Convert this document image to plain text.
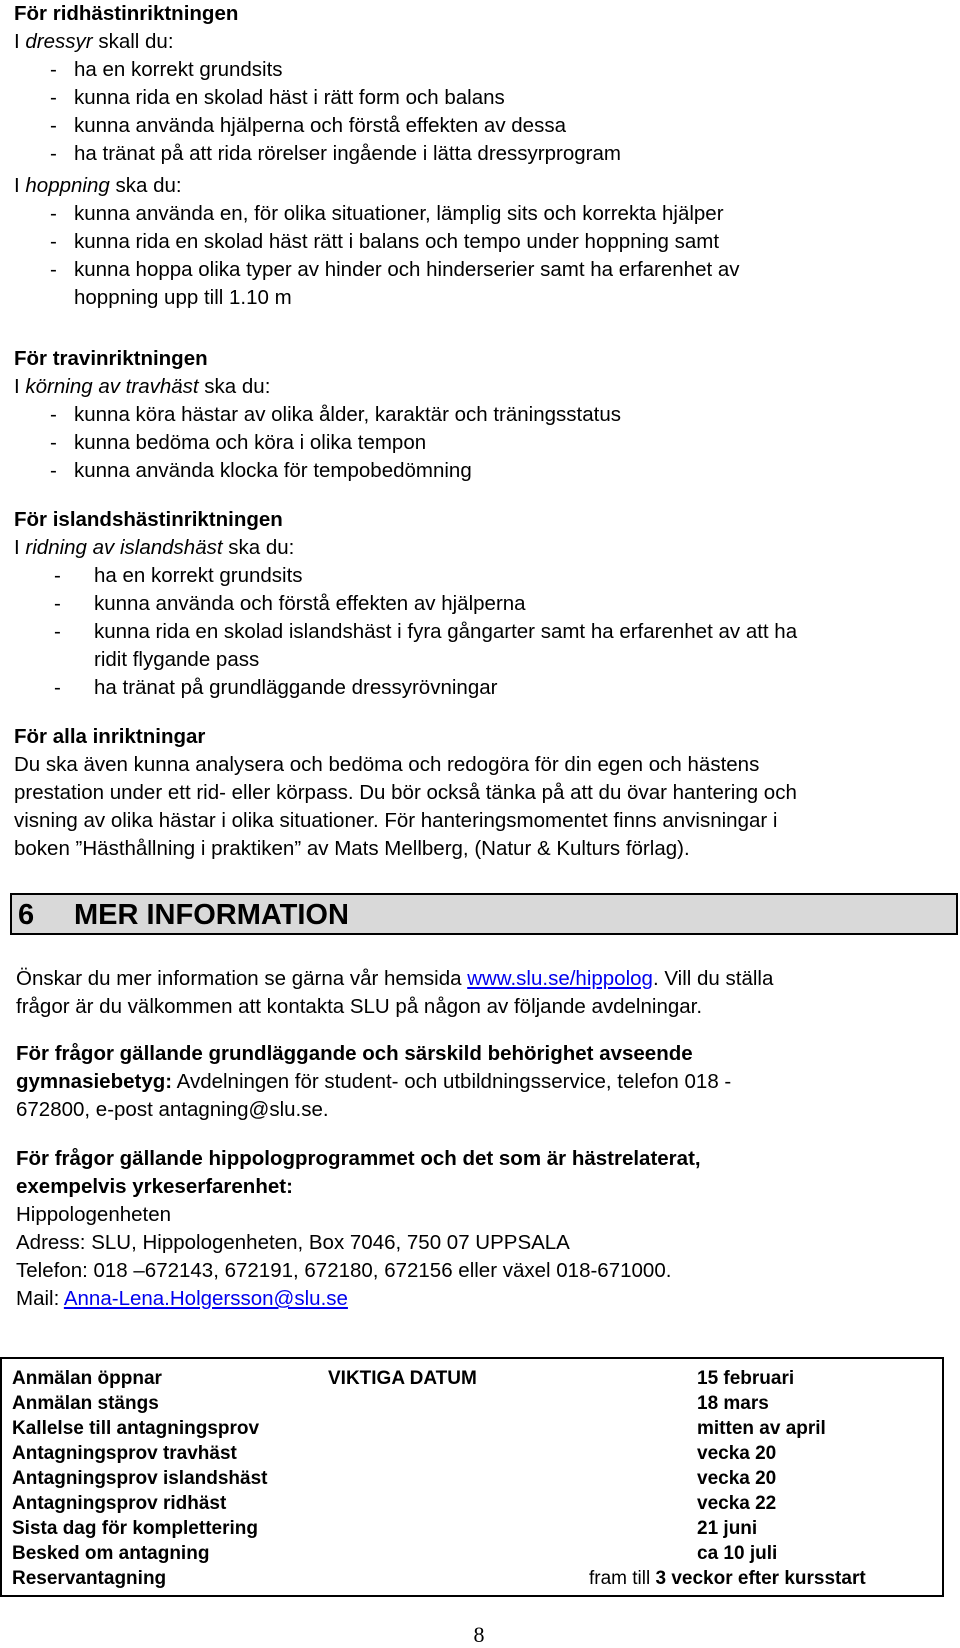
För ridhästinriktningen

I dressyr skall du:

- ha en korrekt grundsits
- kunna rida en skolad häst i rätt form och balans
- kunna använda hjälperna och förstå effekten av dessa
- ha tränat på att rida rörelser ingående i lätta dressyrprogram

I hoppning ska du:

- kunna använda en, för olika situationer, lämplig sits och korrekta hjälper
- kunna rida en skolad häst rätt i balans och tempo under hoppning samt
- kunna hoppa olika typer av hinder och hinderserier samt ha erfarenhet av
hoppning upp till 1.10 m

För travinriktningen

I körning av travhäst ska du:

- kunna köra hästar av olika ålder, karaktär och träningsstatus
- kunna bedöma och köra i olika tempon
- kunna använda klocka för tempobedömning

För islandshästinriktningen

I ridning av islandshäst ska du:

- ha en korrekt grundsits
- kunna använda och förstå effekten av hjälperna
- kunna rida en skolad islandshäst i fyra gångarter samt ha erfarenhet av att ha
ridit flygande pass
- ha tränat på grundläggande dressyrövningar

För alla inriktningar

Du ska även kunna analysera och bedöma och redogöra för din egen och hästens

prestation under ett rid- eller körpass. Du bör också tänka på att du övar hantering och

visning av olika hästar i olika situationer. För hanteringsmomentet finns anvisningar i

boken ”Hästhållning i praktiken” av Mats Mellberg, (Natur & Kulturs förlag).

6 MER INFORMATION

Önskar du mer information se gärna vår hemsida www.slu.se/hippolog. Vill du ställa

frågor är du välkommen att kontakta SLU på någon av följande avdelningar.

För frågor gällande grundläggande och särskild behörighet avseende

gymnasiebetyg: Avdelningen för student- och utbildningsservice, telefon 018 -

672800, e-post antagning@slu.se.

För frågor gällande hippologprogrammet och det som är hästrelaterat,

exempelvis yrkeserfarenhet:

Hippologenheten

Adress: SLU, Hippologenheten, Box 7046, 750 07 UPPSALA

Telefon: 018 –672143, 672191, 672180, 672156 eller växel 018-671000.

Mail: Anna-Lena.Holgersson@slu.se

Anmälan öppnar	15 februari
Anmälan stängs	18 mars
Kallelse till antagningsprov	mitten av april
Antagningsprov travhäst	vecka 20
Antagningsprov islandshäst	vecka 20
Antagningsprov ridhäst	vecka 22
Sista dag för komplettering	21 juni
Besked om antagning	ca 10 juli
Reservantagning	fram till 3 veckor efter kursstart
VIKTIGA DATUM
8
